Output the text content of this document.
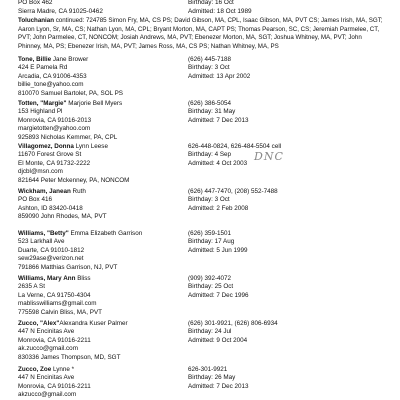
PO Box 462	Birthday: 16 Oct
Sierra Madre, CA 91025-0462	Admitted: 18 Oct 1989
Toluchanian continued: 724785 Simon Fry, MA, CS PS; David Gibson, MA, CPL, Isaac Gibson, MA, PVT CS; James Irish, MA, SGT; Aaron Lyon, Sr, MA, CS; Nathan Lyon, MA, CPL; Bryant Morton, MA, CAPT PS; Thomas Pearson, SC, CS; Jeremiah Parmelee, CT, PVT; John Parmelee, CT, NONCOM; Josiah Andrews, MA, PVT; Ebenezer Morton, MA, SGT; Joshua Whitney, MA, PVT; John Phinney, MA, PS; Ebenezer Irish, MA, PVT; James Ross, MA, CS PS; Nathan Whitney, MA, PS
Tone, Billie Jane Brower	(626) 445-7188
424 E Pamela Rd	Birthday: 3 Oct
Arcadia, CA 91006-4353	Admitted: 13 Apr 2002
billie_tone@yahoo.com
810070 Samuel Bartolet, PA, SOL PS
Totten, "Margie" Marjorie Bell Myers	(626) 386-5054
153 Highland Pl	Birthday: 31 May
Monrovia, CA 91016-2013	Admitted: 7 Dec 2013
margietotten@yahoo.com
925893 Nicholas Kemmer, PA, CPL
Villagomez, Donna Lynn Leese	626-448-0824, 626-484-5504 cell
11670 Forest Grove St	Birthday: 4 Sep
El Monte, CA 91732-2222	Admitted: 4 Oct 2003
djcbl@msn.com
821644 Peter Mckenney, PA, NONCOM
Wickham, Janean Ruth	(626) 447-7470, (208) 552-7488
PO Box 416	Birthday: 3 Oct
Ashton, ID 83420-0418	Admitted: 2 Feb 2008
859090 John Rhodes, MA, PVT
Williams, "Betty" Emma Elizabeth Garrison	(626) 359-1501
523 Larkhall Ave	Birthday: 17 Aug
Duarte, CA 91010-1812	Admitted: 5 Jun 1999
sew29ase@verizon.net
791866 Matthias Garrison, NJ, PVT
Williams, Mary Ann Bliss	(909) 392-4072
2635 A St	Birthday: 25 Oct
La Verne, CA 91750-4304	Admitted: 7 Dec 1996
mablisswilliams@gmail.com
775598 Calvin Bliss, MA, PVT
Zucco, "Alex"Alexandra Kuser Palmer	(626) 301-9921, (626) 806-6934
447 N Encinitas Ave	Birthday: 24 Jul
Monrovia, CA 91016-2211	Admitted: 9 Oct 2004
ak.zucco@gmail.com
830336 James Thompson, MD, SGT
Zucco, Zoe Lynne *	626-301-9921
447 N Encinitas Ave	Birthday: 26 May
Monrovia, CA 91016-2211	Admitted: 7 Dec 2013
akzucco@gmail.com
DNC
